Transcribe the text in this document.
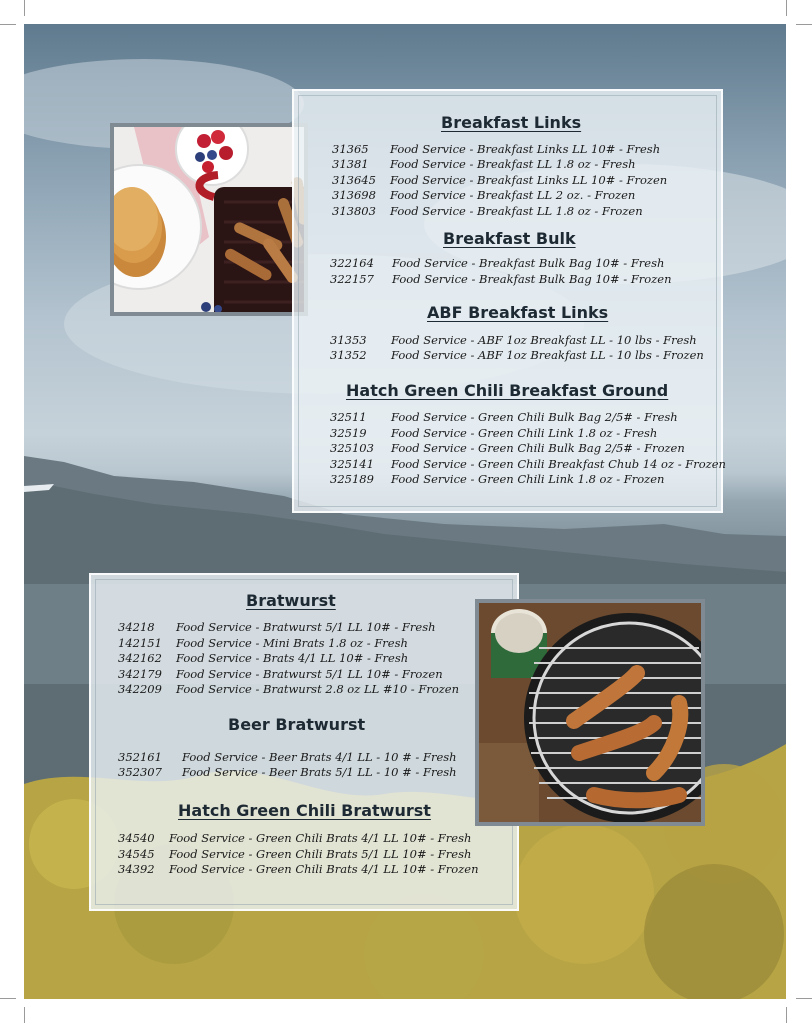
Breakfast Links
31365 Food Service - Breakfast Links LL 10# - Fresh
31381 Food Service - Breakfast LL 1.8 oz - Fresh
313645 Food Service - Breakfast Links LL 10# - Frozen
313698 Food Service - Breakfast LL 2 oz. - Frozen
313803 Food Service - Breakfast LL 1.8 oz - Frozen
Breakfast Bulk
322164 Food Service - Breakfast Bulk Bag 10# - Fresh
322157 Food Service - Breakfast Bulk Bag 10# - Frozen
ABF Breakfast Links
31353 Food Service - ABF 1oz Breakfast LL - 10 lbs - Fresh
31352 Food Service - ABF 1oz Breakfast LL - 10 lbs - Frozen
Hatch Green Chili Breakfast Ground
32511 Food Service - Green Chili Bulk Bag 2/5# - Fresh
32519 Food Service - Green Chili Link 1.8 oz - Fresh
325103 Food Service - Green Chili Bulk Bag 2/5# - Frozen
325141 Food Service - Green Chili Breakfast Chub 14 oz - Frozen
325189 Food Service - Green Chili Link 1.8 oz - Frozen
Bratwurst
34218 Food Service - Bratwurst 5/1 LL 10# - Fresh
142151 Food Service - Mini Brats 1.8 oz - Fresh
342162 Food Service - Brats 4/1 LL 10# - Fresh
342179 Food Service - Bratwurst 5/1 LL 10# - Frozen
342209 Food Service - Bratwurst 2.8 oz LL #10 - Frozen
Beer Bratwurst
352161 Food Service - Beer Brats 4/1 LL - 10 # - Fresh
352307 Food Service - Beer Brats 5/1 LL - 10 # - Fresh
Hatch Green Chili Bratwurst
34540 Food Service - Green Chili Brats 4/1 LL 10# - Fresh
34545 Food Service - Green Chili Brats 5/1 LL 10# - Fresh
34392 Food Service - Green Chili Brats 4/1 LL 10# - Frozen
